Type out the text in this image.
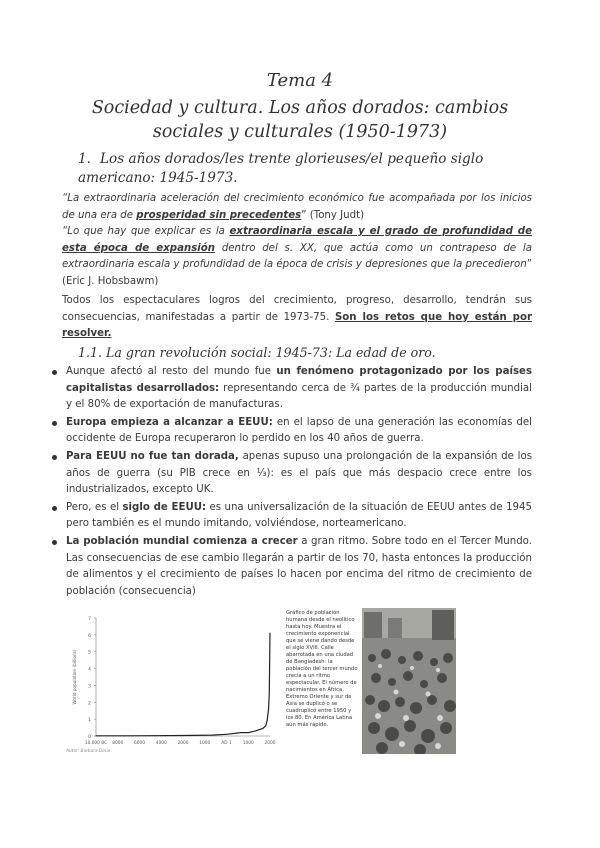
Tema 4
Sociedad y cultura. Los años dorados: cambios sociales y culturales (1950-1973)
1. Los años dorados/les trente glorieuses/el pequeño siglo americano: 1945-1973.
“La extraordinaria aceleración del crecimiento económico fue acompañada por los inicios de una era de prosperidad sin precedentes” (Tony Judt)
“Lo que hay que explicar es la extraordinaria escala y el grado de profundidad de esta época de expansión dentro del s. XX, que actúa como un contrapeso de la extraordinaria escala y profundidad de la época de crisis y depresiones que la precedieron” (Eric J. Hobsbawm)
Todos los espectaculares logros del crecimiento, progreso, desarrollo, tendrán sus consecuencias, manifestadas a partir de 1973-75. Son los retos que hoy están por resolver.
1.1. La gran revolución social: 1945-73: La edad de oro.
Aunque afectó al resto del mundo fue un fenómeno protagonizado por los países capitalistas desarrollados: representando cerca de ¾ partes de la producción mundial y el 80% de exportación de manufacturas.
Europa empieza a alcanzar a EEUU: en el lapso de una generación las economías del occidente de Europa recuperaron lo perdido en los 40 años de guerra.
Para EEUU no fue tan dorada, apenas supuso una prolongación de la expansión de los años de guerra (su PIB crece en ⅓): es el país que más despacio crece entre los industrializados, excepto UK.
Pero, es el siglo de EEUU: es una universalización de la situación de EEUU antes de 1945 pero también es el mundo imitando, volviéndose, norteamericano.
La población mundial comienza a crecer a gran ritmo. Sobre todo en el Tercer Mundo. Las consecuencias de ese cambio llegarán a partir de los 70, hasta entonces la producción de alimentos y el crecimiento de países lo hacen por encima del ritmo de crecimiento de población (consecuencia)
0
1
2
3
4
5
6
7
10.000 BC 8000	6000	4000	2000	1000	AD 1	1000	2000
World population (billions)
Autor: Barbara Dinar
Gráfico de población humana desde el neolítico hasta hoy. Muestra el crecimiento exponencial que se viene dando desde el siglo XVIII. Calle abarrotada en una ciudad de Bangladesh: la población del tercer mundo crecía a un ritmo espectacular. El número de nacimientos en África, Extremo Oriente y sur de Asia se duplicó o se cuadruplicó entre 1950 y los 80. En América Latina aún más rápido.
